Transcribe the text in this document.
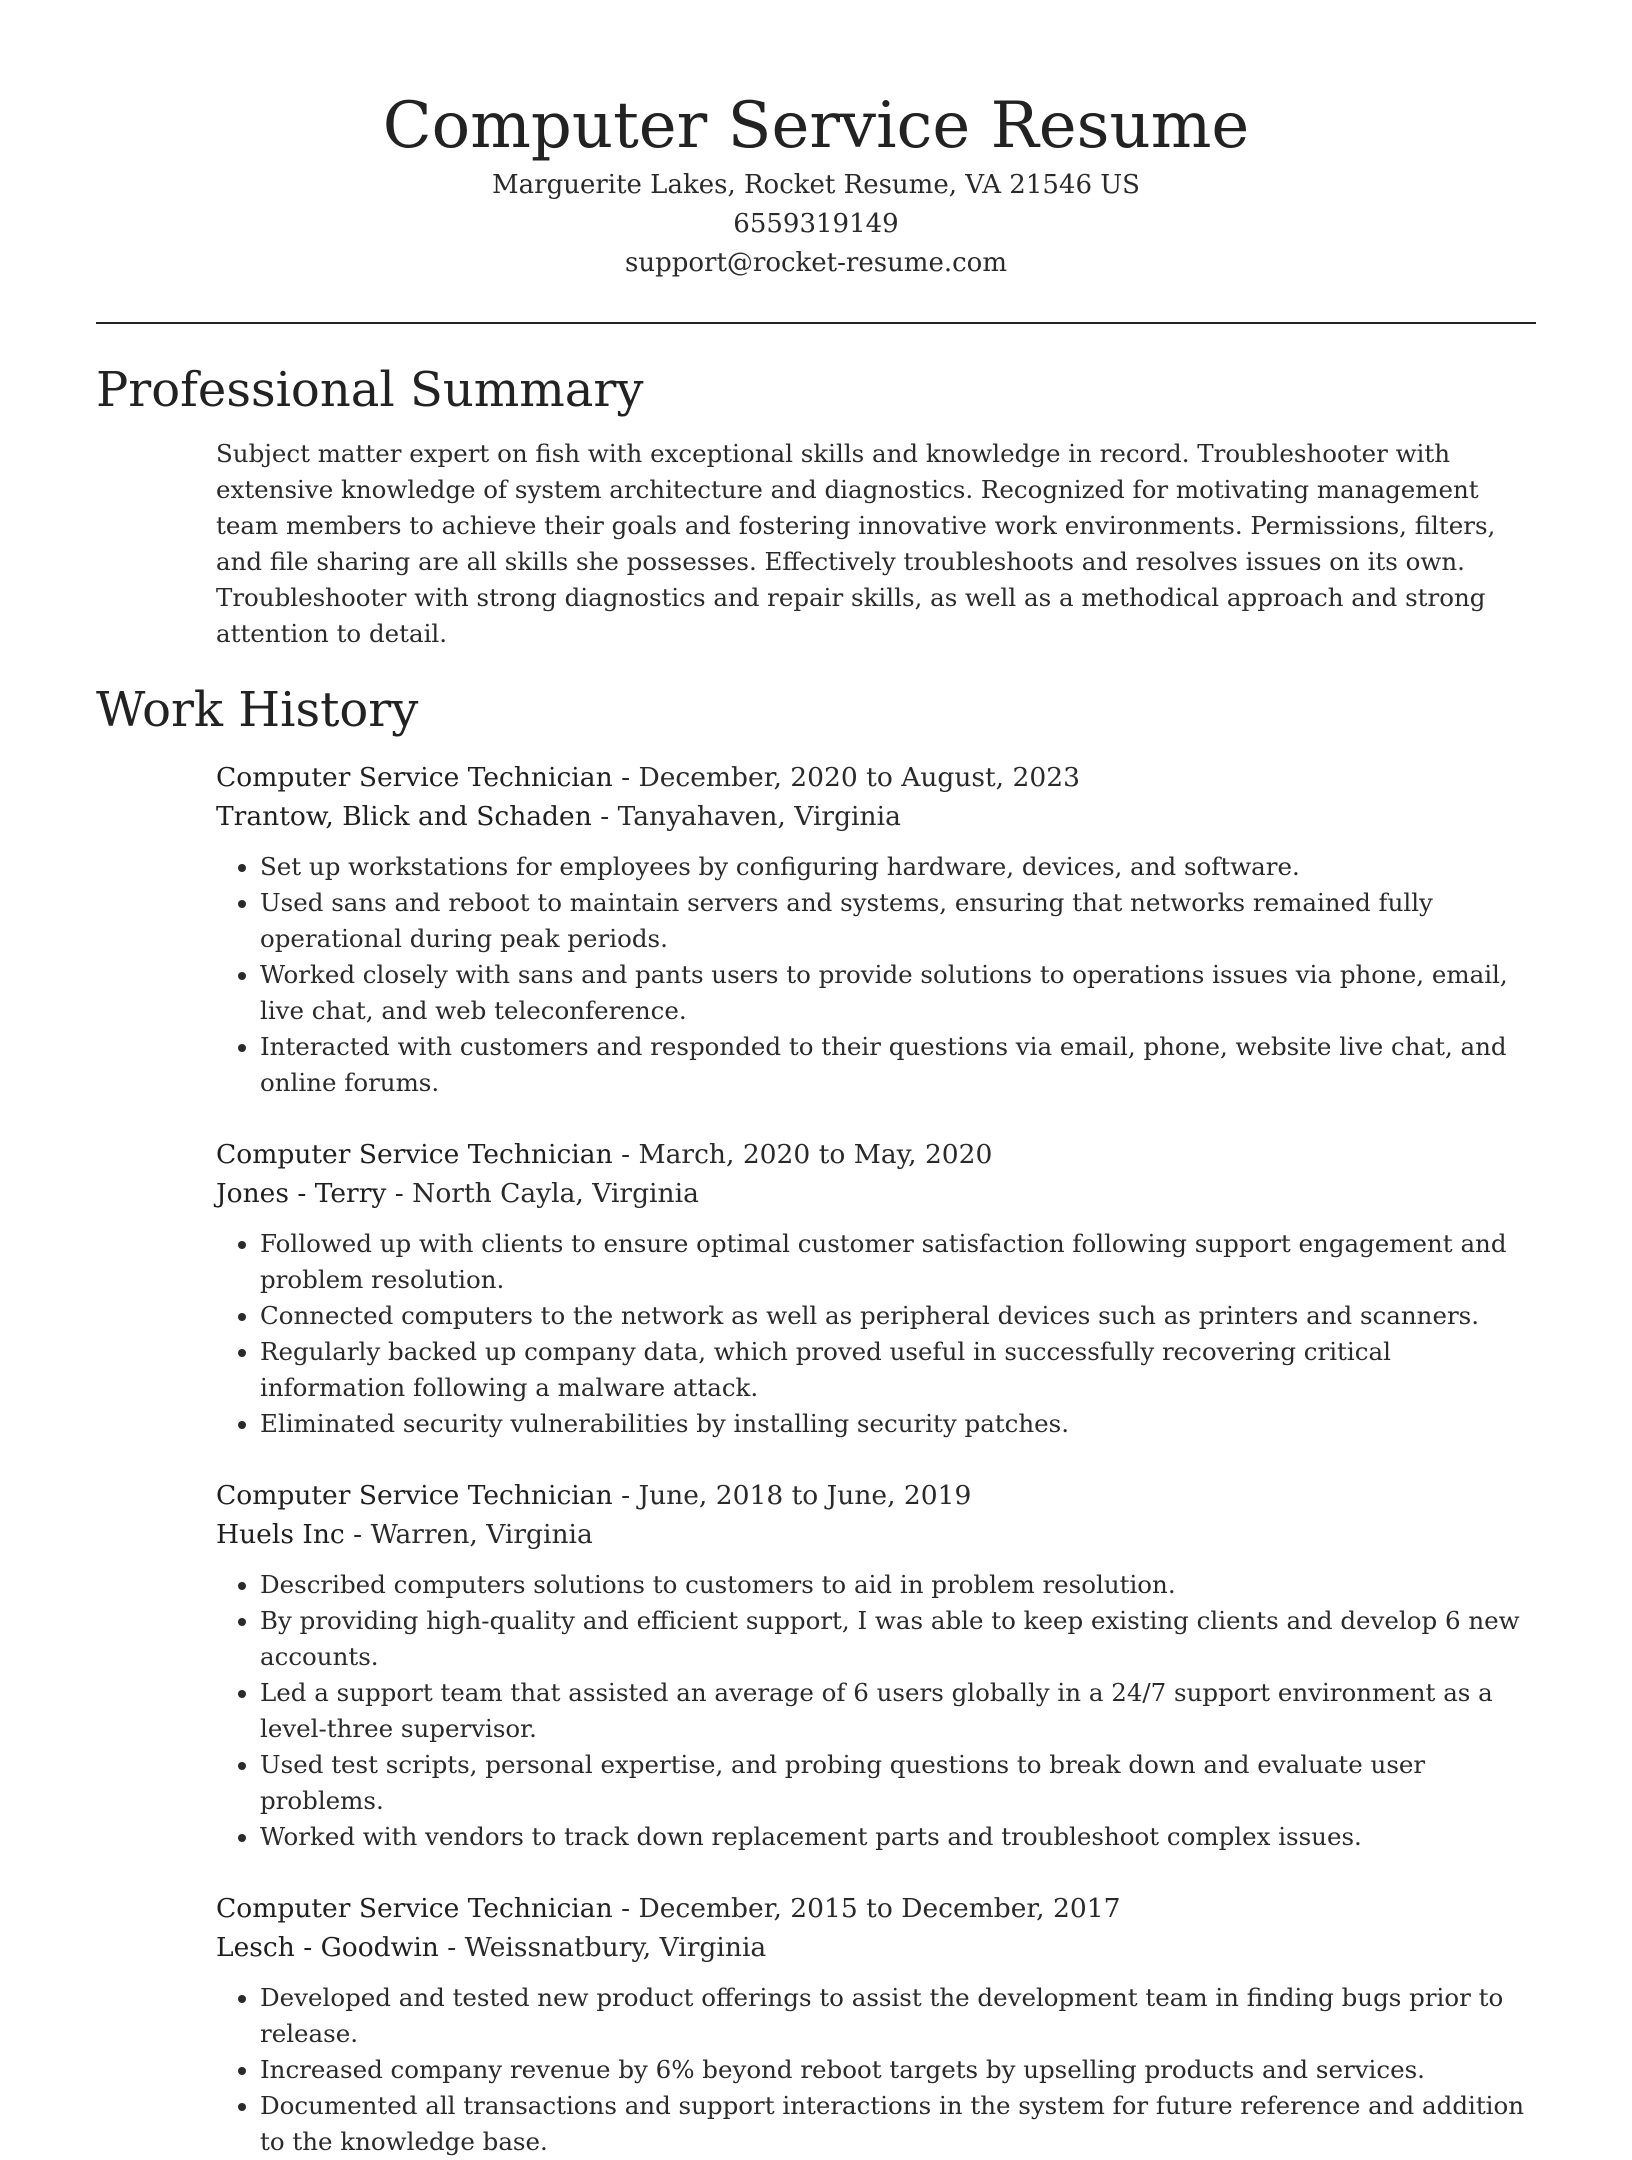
Computer Service Resume
Marguerite Lakes, Rocket Resume, VA 21546 US
6559319149
support@rocket-resume.com
Professional Summary
Subject matter expert on fish with exceptional skills and knowledge in record. Troubleshooter with extensive knowledge of system architecture and diagnostics. Recognized for motivating management team members to achieve their goals and fostering innovative work environments. Permissions, filters, and file sharing are all skills she possesses. Effectively troubleshoots and resolves issues on its own. Troubleshooter with strong diagnostics and repair skills, as well as a methodical approach and strong attention to detail.
Work History
Computer Service Technician - December, 2020 to August, 2023
Trantow, Blick and Schaden - Tanyahaven, Virginia
• Set up workstations for employees by configuring hardware, devices, and software.
• Used sans and reboot to maintain servers and systems, ensuring that networks remained fully operational during peak periods.
• Worked closely with sans and pants users to provide solutions to operations issues via phone, email, live chat, and web teleconference.
• Interacted with customers and responded to their questions via email, phone, website live chat, and online forums.
Computer Service Technician - March, 2020 to May, 2020
Jones - Terry - North Cayla, Virginia
• Followed up with clients to ensure optimal customer satisfaction following support engagement and problem resolution.
• Connected computers to the network as well as peripheral devices such as printers and scanners.
• Regularly backed up company data, which proved useful in successfully recovering critical information following a malware attack.
• Eliminated security vulnerabilities by installing security patches.
Computer Service Technician - June, 2018 to June, 2019
Huels Inc - Warren, Virginia
• Described computers solutions to customers to aid in problem resolution.
• By providing high-quality and efficient support, I was able to keep existing clients and develop 6 new accounts.
• Led a support team that assisted an average of 6 users globally in a 24/7 support environment as a level-three supervisor.
• Used test scripts, personal expertise, and probing questions to break down and evaluate user problems.
• Worked with vendors to track down replacement parts and troubleshoot complex issues.
Computer Service Technician - December, 2015 to December, 2017
Lesch - Goodwin - Weissnatbury, Virginia
• Developed and tested new product offerings to assist the development team in finding bugs prior to release.
• Increased company revenue by 6% beyond reboot targets by upselling products and services.
• Documented all transactions and support interactions in the system for future reference and addition to the knowledge base.
